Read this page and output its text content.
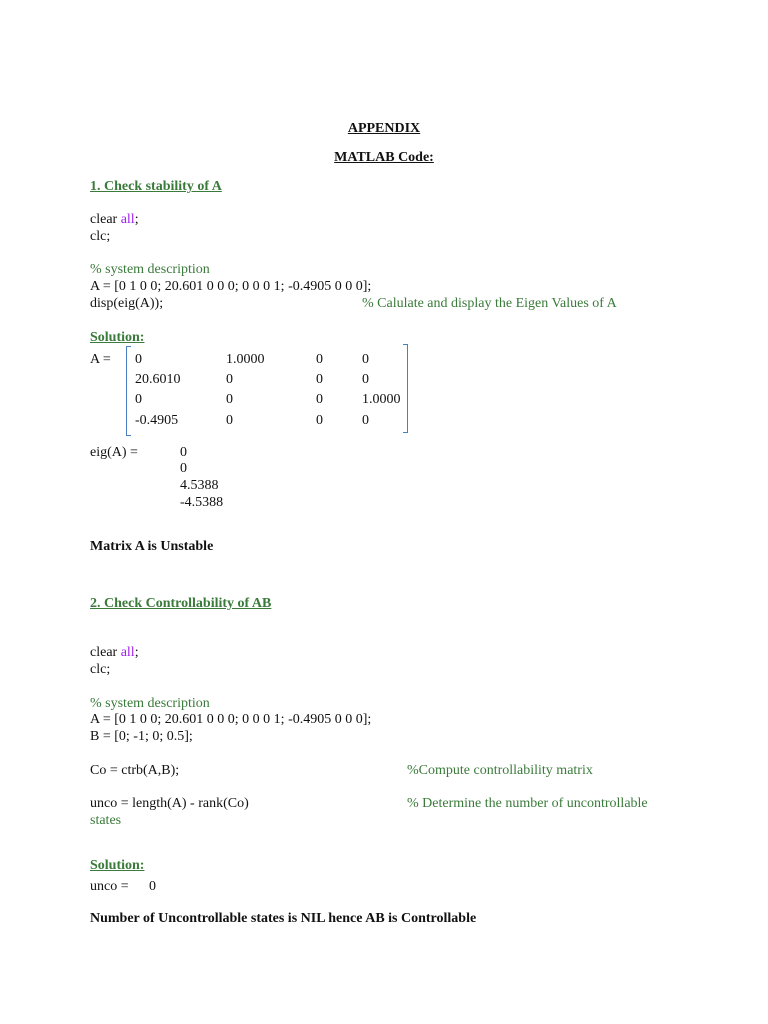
APPENDIX
MATLAB Code:
1. Check stability of A
clear all;
clc;
% system description
A = [0 1 0 0; 20.601 0 0 0; 0 0 0 1; -0.4905 0 0 0];
disp(eig(A));	% Calulate and display the Eigen Values of A
Solution:
A = 0	1.0000	0	0
20.6010	0	0	0
0	0	0	1.0000
-0.4905	0	0	0
eig(A) =	0
0
4.5388
-4.5388
Matrix A is Unstable
2. Check Controllability of AB
clear all;
clc;
% system description
A = [0 1 0 0; 20.601 0 0 0; 0 0 0 1; -0.4905 0 0 0];
B = [0; -1; 0; 0.5];
Co = ctrb(A,B);	%Compute controllability matrix
unco = length(A) - rank(Co)	% Determine the number of uncontrollable
states
Solution:
unco = 0
Number of Uncontrollable states is NIL hence AB is Controllable
